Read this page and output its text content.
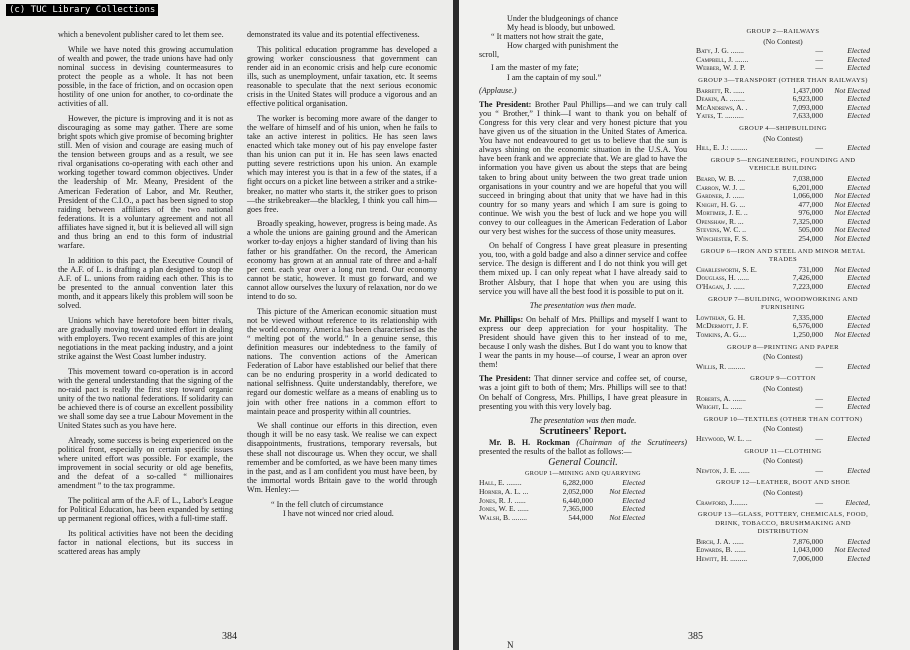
(c) TUC Library Collections

which a benevolent publisher cared to let them see.

While we have noted this growing accumulation of wealth and power, the trade unions have had only nominal success in devising countermeasures to protect the people as a whole. It has not been possible, in the face of friction, and on occasion open hostility of one union for another, to co-ordinate the activities of all.

However, the picture is improving and it is not as discouraging as some may gather. There are some bright spots which give promise of becoming brighter still. Men of vision and courage are easing much of the tension between groups and as a result, we see rival organisations co-operating with each other and working together toward common objectives. Under the leadership of Mr. Meany, President of the American Federation of Labor, and Mr. Reuther, President of the C.I.O., a pact has been signed to stop raiding between affiliates of the two national federations. It is a voluntary agreement and not all affiliates have signed it, but it is believed all will sign and thus bring an end to this form of industrial warfare.

In addition to this pact, the Executive Council of the A.F. of L. is drafting a plan designed to stop the A.F. of L. unions from raiding each other. This is to be presented to the annual convention later this month, and it appears likely this problem will soon be solved.

Unions which have heretofore been bitter rivals, are gradually moving toward united effort in dealing with employers. Two recent examples of this are joint negotiations in the meat packing industry, and a joint strike against the West Coast lumber industry.

This movement toward co-operation is in accord with the general understanding that the signing of the no-raid pact is really the first step toward organic unity of the two national federations. If solidarity can be achieved there is of course an excellent possibility we shall some day see a true Labour Movement in the United States such as you have here.

Already, some success is being experienced on the political front, especially on certain specific issues where united effort was possible. For example, the improvement in social security or old age benefits, and the defeat of a so-called “ millionaires amendment ” to the tax programme.

The political arm of the A.F. of L., Labor's League for Political Education, has been expanded by setting up permanent regional offices, with a full-time staff.

Its political activities have not been the deciding factor in national elections, but its success in scattered areas has amply

demonstrated its value and its potential effectiveness.

This political education programme has developed a growing worker consciousness that government can render aid in an economic crisis and help cure economic ills, such as unemployment, unfair taxation, etc. It seems reasonable to speculate that the next serious economic crisis in the United States will produce a vigorous and an effective political organisation.

The worker is becoming more aware of the danger to the welfare of himself and of his union, when he fails to take an active interest in politics. He has seen laws enacted which take money out of his pay envelope faster than his union can put it in. He has seen laws enacted putting severe restrictions upon his union. An example which may interest you is that in a few of the states, if a fight occurs on a picket line between a striker and a strike-breaker, no matter who starts it, the striker goes to prison—the strikebreaker—the blackleg, I think you call him—goes free.

Broadly speaking, however, progress is being made. As a whole the unions are gaining ground and the American worker to-day enjoys a higher standard of living than his father or his grandfather. On the record, the American economy has grown at an annual rate of three and a-half per cent. each year over a long run trend. Our economy cannot be static, however. It must go forward, and we cannot allow ourselves the luxury of relaxation, nor do we intend to do so.

This picture of the American economic situation must not be viewed without reference to its relationship with the world economy. America has been characterised as the “ melting pot of the world.” In a genuine sense, this definition measures our indebtedness to the family of nations. The convention actions of the American Federation of Labor have established our belief that there can be no enduring prosperity in a world dedicated to national selfishness. Quite understandably, therefore, we regard our domestic welfare as a means of enabling us to join with other free nations in a common effort to maintain peace and prosperity within all countries.

We shall continue our efforts in this direction, even though it will be no easy task. We realise we can expect disappointments, frustrations, temporary reversals, but these shall not discourage us. When they occur, we shall remember and be comforted, as we have been many times in the past, and as I am confident you must have been, by the immortal words Britain gave to the world through Wm. Henley:—

“ In the fell clutch of circumstance

I have not winced nor cried aloud.

384
Under the bludgeonings of chance
My head is bloody, but unbowed.
“ It matters not how strait the gate,
How charged with punishment the
scroll,
I am the master of my fate;
I am the captain of my soul.”

(Applause.)

The President: Brother Paul Phillips—and we can truly call you “ Brother,” I think—I want to thank you on behalf of Congress for this very clear and very honest picture that you have given us of the situation in the United States of America. You have not endeavoured to get us to believe that the sun is always shining on the economic situation in the U.S.A. You have been frank and we appreciate that. We are glad to have the information you have given us about the steps that are being taken to bring about unity between the two great trade union organisations in your country and we are hopeful that you will succeed in bringing about that unity that we have had in this country for so many years and which I am sure is going to continue. We wish you the best of luck and we hope you will convey to our colleagues in the American Federation of Labor our very best wishes for the success of those unity measures.

On behalf of Congress I have great pleasure in presenting you, too, with a gold badge and also a dinner service and coffee service. The design is different and I do not think you will get them mixed up. I can only repeat what I have already said to Brother Alsbury, that I hope that when you are using this service you will have all the best food it is possible to put on it.

The presentation was then made.

Mr. Phillips: On behalf of Mrs. Phillips and myself I want to express our deep appreciation for your hospitality. The President should have given this to her instead of to me, because I only wash the dishes. But I do want you to know that I wear the pants in my house—of course, I wear an apron over them!

The President: That dinner service and coffee set, of course, was a joint gift to both of them; Mrs. Phillips will see to that! On behalf of Congress, Mrs. Phillips, I have great pleasure in presenting you with this very lovely bag.

The presentation was then made.

Scrutineers' Report.

Mr. B. H. Rockman (Chairman of the Scrutineers) presented the results of the ballot as follows:—

General Council.
GROUP 1—MINING AND QUARRYING
Hall, E. ........	6,282,000	Elected
Horner, A. L. ...	2,052,000	Not Elected
Jones, R. J. ......	6,440,000	Elected
Jones, W. E. ......	7,365,000	Elected
Walsh, B. ........	544,000	Not Elected
GROUP 2—RAILWAYS
(No Contest)
Baty, J. G. .......	—	Elected
Campbell, J. .......	—	Elected
Webber, W. J. P.	—	Elected
GROUP 3—TRANSPORT (OTHER THAN RAILWAYS)
Barrett, R. ......	1,437,000	Not Elected
Deakin, A. ........	6,923,000	Elected
McAndrews, A. .	7,093,000	Elected
Yates, T. ..........	7,633,000	Elected
GROUP 4—SHIPBUILDING
(No Contest)
Hill, E. J.: .........	—	Elected
GROUP 5—ENGINEERING, FOUNDING AND VEHICLE BUILDING
Beard, W. B. ....	7,038,000	Elected
Carron, W. J. ...	6,201,000	Elected
Gardner, J. ......	1,066,000	Not Elected
Knight, H. G. ...	477,000	Not Elected
Mortimer, J. E. ..	976,000	Not Elected
Openshaw, R. ...	7,325,000	Elected
Stevens, W. C. ..	505,000	Not Elected
Winchester, F. S.	254,000	Not Elected
GROUP 6—IRON AND STEEL AND MINOR METAL TRADES
Charlesworth, S. E.	731,000	Not Elected
Douglass, H. ......	7,426,000	Elected
O'Hagan, J. ......	7,223,000	Elected
GROUP 7—BUILDING, WOODWORKING AND FURNISHING
Lowthian, G. H.	7,335,000	Elected
McDermott, J. F.	6,576,000	Elected
Tomkins, A. G....	1,250,000	Not Elected
GROUP 8—PRINTING AND PAPER
(No Contest)
Willis, R. .........	—	Elected
GROUP 9—COTTON
(No Contest)
Roberts, A. .......	—	Elected
Wright, L. ......	—	Elected
GROUP 10—TEXTILES (OTHER THAN COTTON)
(No Contest)
Heywood, W. L. ...	—	Elected
GROUP 11—CLOTHING
(No Contest)
Newton, J. E. ......	—	Elected
GROUP 12—LEATHER, BOOT AND SHOE
(No Contest)
Crawford, J........	—	Elected,
GROUP 13—GLASS, POTTERY, CHEMICALS, FOOD, DRINK, TOBACCO, BRUSHMAKING AND DISTRIBUTION
Birch, J. A. ......	7,876,000	Elected
Edwards, B. ......	1,043,000	Not Elected
Hewitt, H. .........	7,006,000	Elected
385
N
